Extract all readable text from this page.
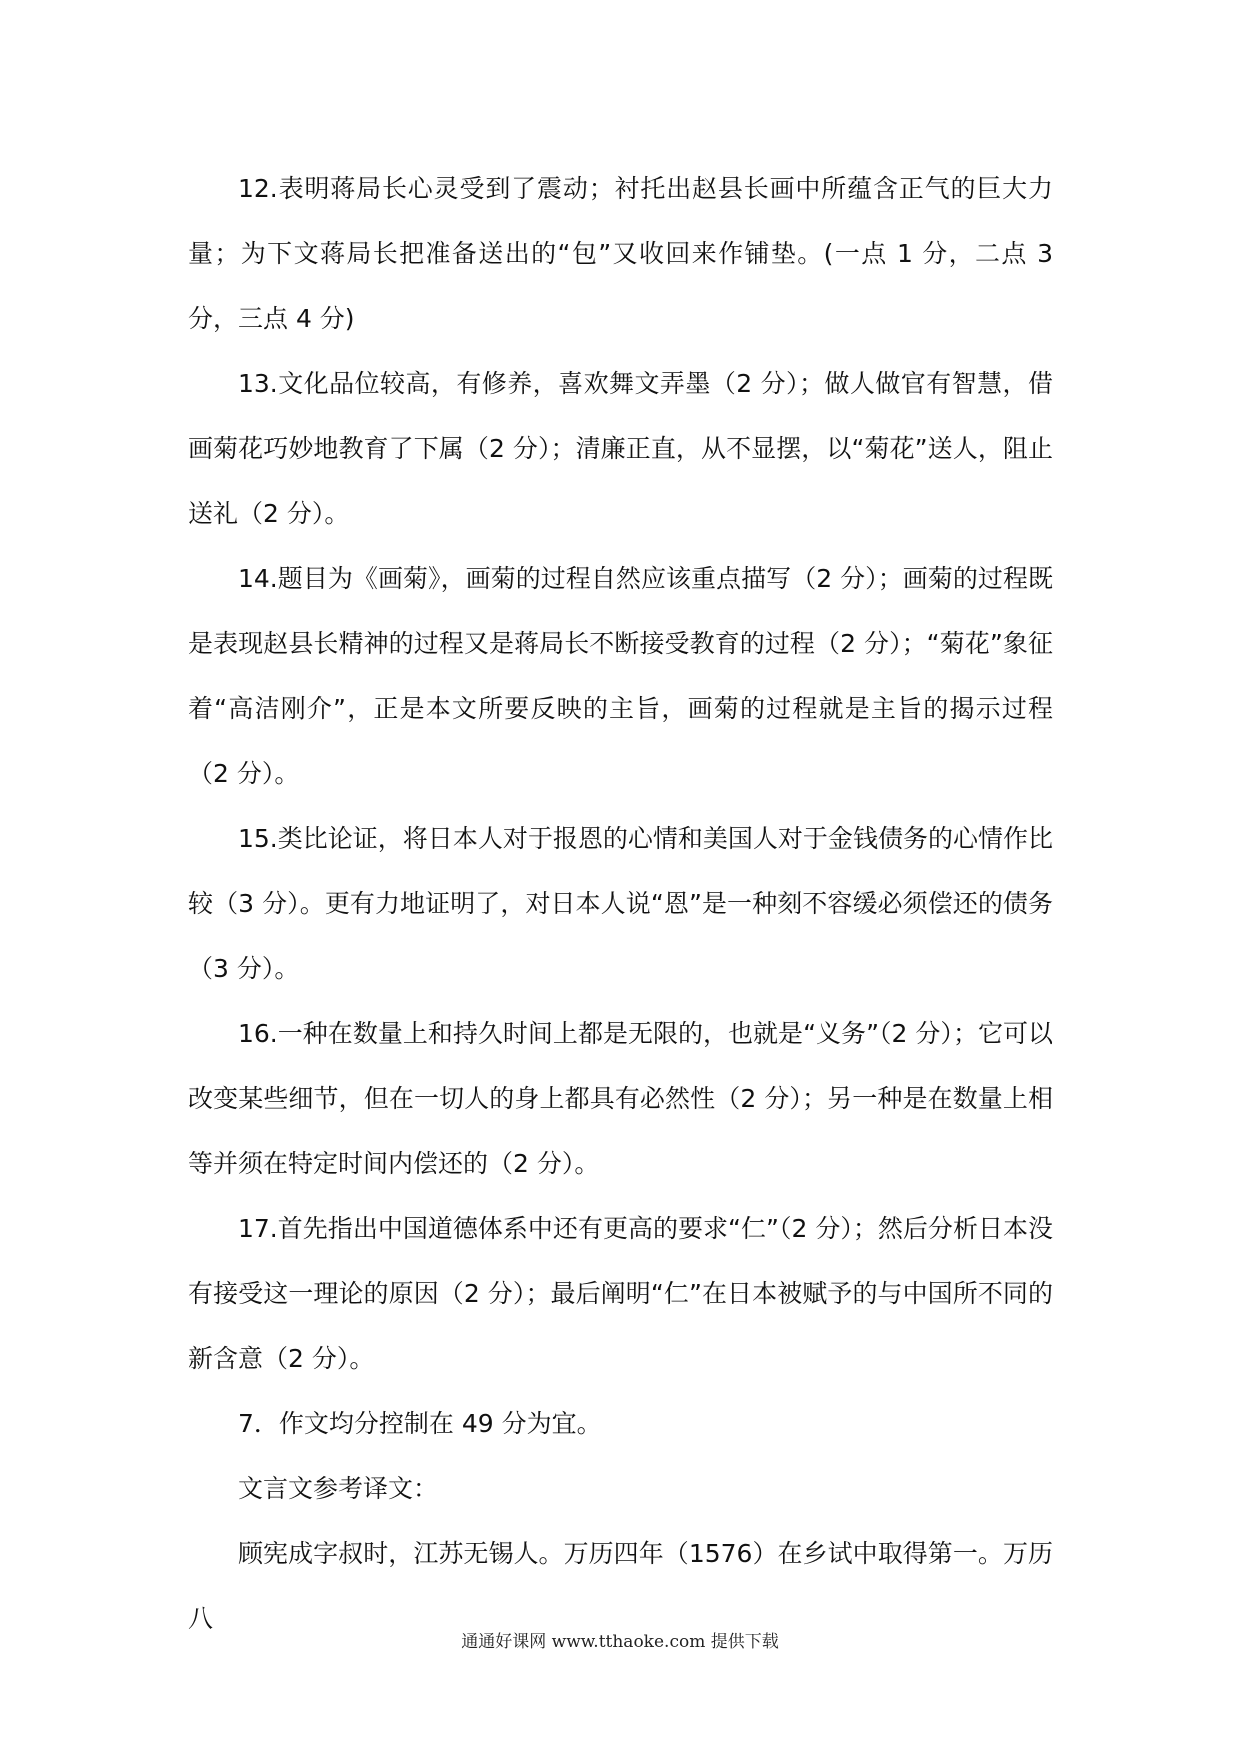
12.表明蒋局长心灵受到了震动；衬托出赵县长画中所蕴含正气的巨大力量；为下文蒋局长把准备送出的“包”又收回来作铺垫。(一点 1 分，二点 3 分，三点 4 分)

13.文化品位较高，有修养，喜欢舞文弄墨（2 分）；做人做官有智慧，借画菊花巧妙地教育了下属（2 分）；清廉正直，从不显摆，以“菊花”送人，阻止送礼（2 分）。

14.题目为《画菊》，画菊的过程自然应该重点描写（2 分）；画菊的过程既是表现赵县长精神的过程又是蒋局长不断接受教育的过程（2 分）；“菊花”象征着“高洁刚介”，正是本文所要反映的主旨，画菊的过程就是主旨的揭示过程（2 分）。

15.类比论证，将日本人对于报恩的心情和美国人对于金钱债务的心情作比较（3 分）。更有力地证明了，对日本人说“恩”是一种刻不容缓必须偿还的债务（3 分）。

16.一种在数量上和持久时间上都是无限的，也就是“义务”（2 分）；它可以改变某些细节，但在一切人的身上都具有必然性（2 分）；另一种是在数量上相等并须在特定时间内偿还的（2 分）。

17.首先指出中国道德体系中还有更高的要求“仁”（2 分）；然后分析日本没有接受这一理论的原因（2 分）；最后阐明“仁”在日本被赋予的与中国所不同的新含意（2 分）。

7．作文均分控制在 49 分为宜。

文言文参考译文：

顾宪成字叔时，江苏无锡人。万历四年（1576）在乡试中取得第一。万历八

通通好课网 www.tthaoke.com 提供下载
